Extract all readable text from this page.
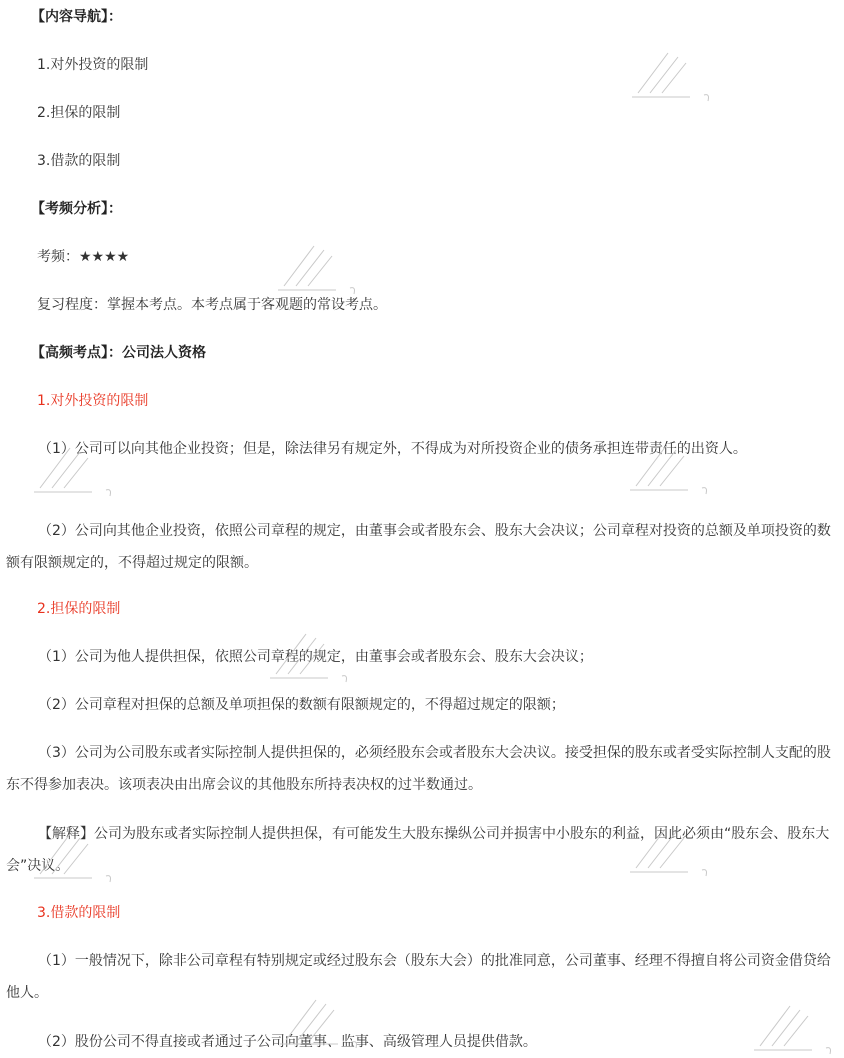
【内容导航】：
1.对外投资的限制
2.担保的限制
3.借款的限制
【考频分析】：
考频：★★★★
复习程度：掌握本考点。本考点属于客观题的常设考点。
【高频考点】：公司法人资格
1.对外投资的限制
（1）公司可以向其他企业投资；但是，除法律另有规定外，不得成为对所投资企业的债务承担连带责任的出资人。
（2）公司向其他企业投资，依照公司章程的规定，由董事会或者股东会、股东大会决议；公司章程对投资的总额及单项投资的数额有限额规定的，不得超过规定的限额。
2.担保的限制
（1）公司为他人提供担保，依照公司章程的规定，由董事会或者股东会、股东大会决议；
（2）公司章程对担保的总额及单项担保的数额有限额规定的，不得超过规定的限额；
（3）公司为公司股东或者实际控制人提供担保的，必须经股东会或者股东大会决议。接受担保的股东或者受实际控制人支配的股东不得参加表决。该项表决由出席会议的其他股东所持表决权的过半数通过。
【解释】公司为股东或者实际控制人提供担保，有可能发生大股东操纵公司并损害中小股东的利益，因此必须由“股东会、股东大会”决议。
3.借款的限制
（1）一般情况下，除非公司章程有特别规定或经过股东会（股东大会）的批准同意，公司董事、经理不得擅自将公司资金借贷给他人。
（2）股份公司不得直接或者通过子公司向董事、监事、高级管理人员提供借款。
